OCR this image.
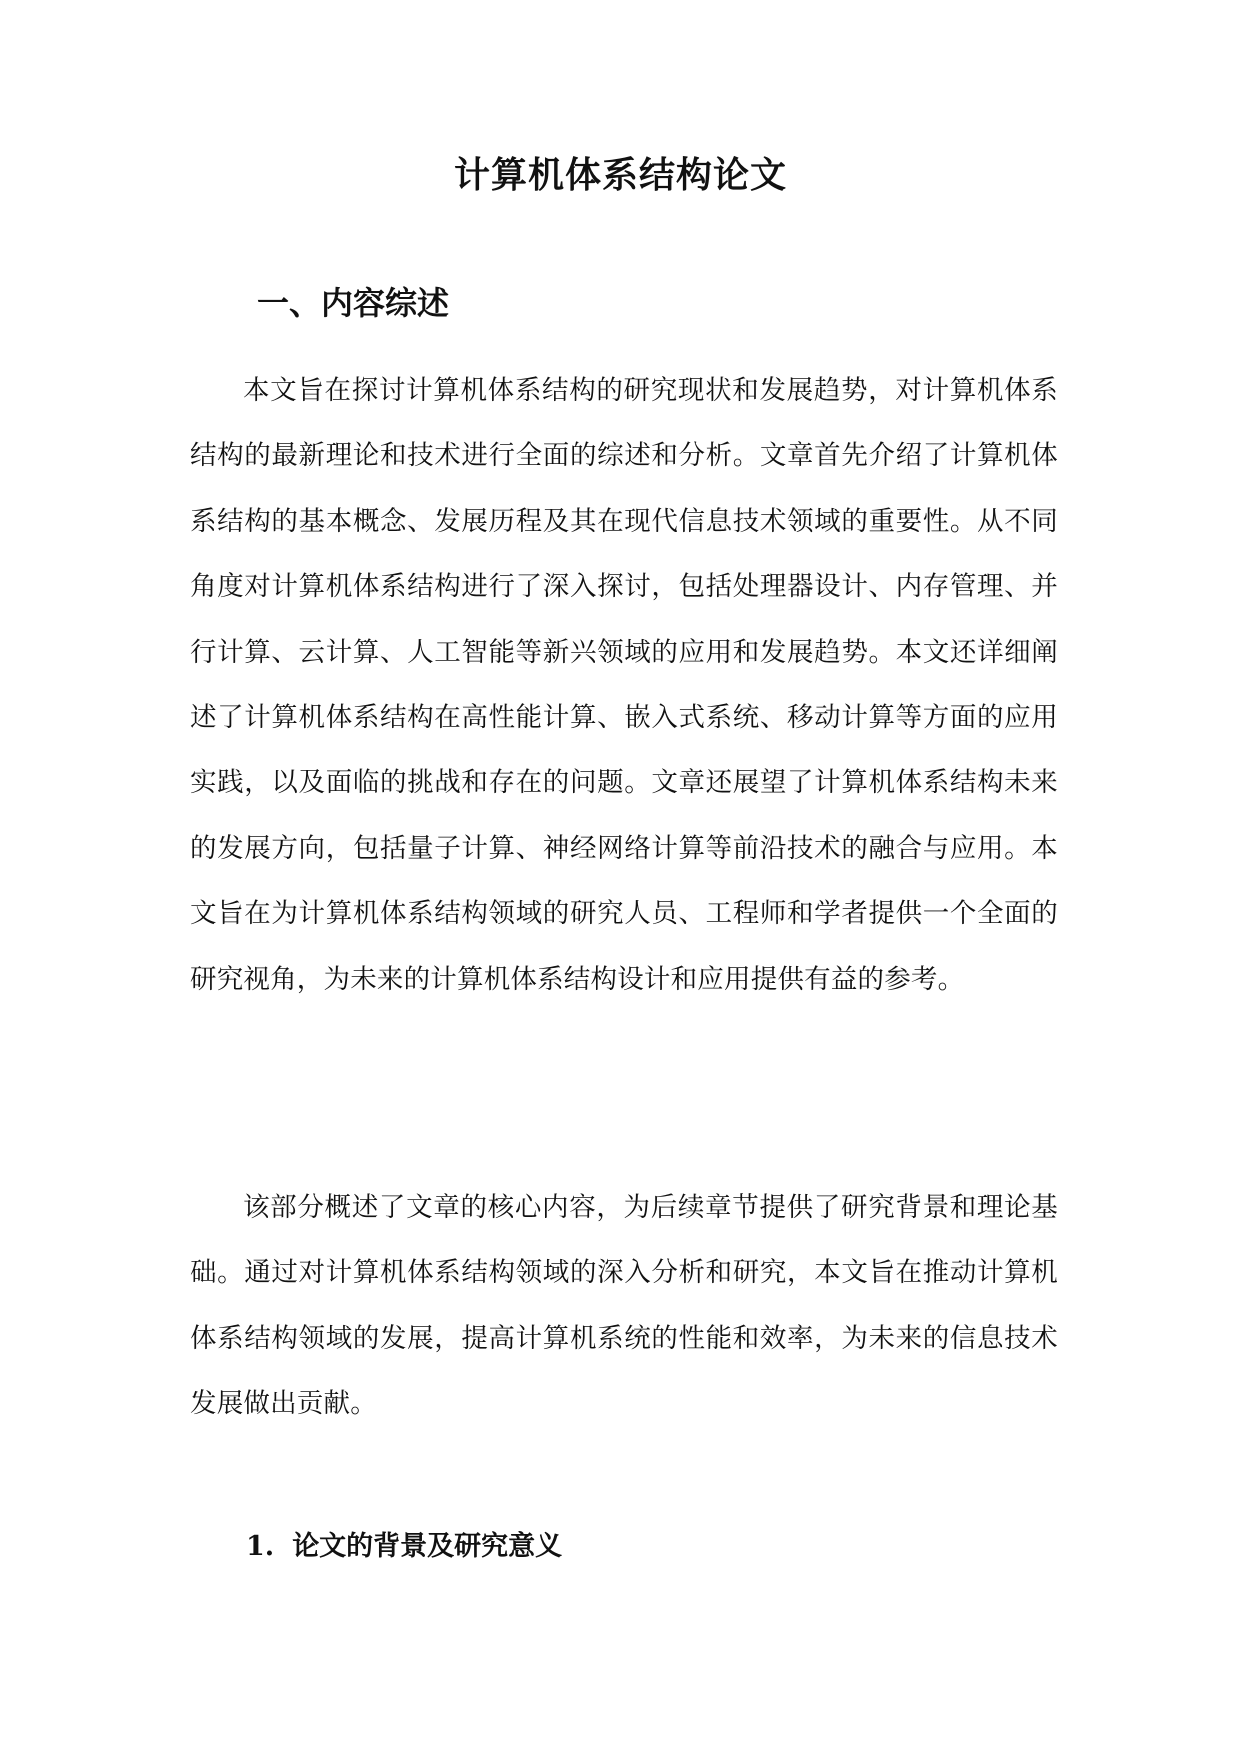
计算机体系结构论文
一、内容综述

本文旨在探讨计算机体系结构的研究现状和发展趋势，对计算机体系结构的最新理论和技术进行全面的综述和分析。文章首先介绍了计算机体系结构的基本概念、发展历程及其在现代信息技术领域的重要性。从不同角度对计算机体系结构进行了深入探讨，包括处理器设计、内存管理、并行计算、云计算、人工智能等新兴领域的应用和发展趋势。本文还详细阐述了计算机体系结构在高性能计算、嵌入式系统、移动计算等方面的应用实践，以及面临的挑战和存在的问题。文章还展望了计算机体系结构未来的发展方向，包括量子计算、神经网络计算等前沿技术的融合与应用。本文旨在为计算机体系结构领域的研究人员、工程师和学者提供一个全面的研究视角，为未来的计算机体系结构设计和应用提供有益的参考。

该部分概述了文章的核心内容，为后续章节提供了研究背景和理论基础。通过对计算机体系结构领域的深入分析和研究，本文旨在推动计算机体系结构领域的发展，提高计算机系统的性能和效率，为未来的信息技术发展做出贡献。

1. 论文的背景及研究意义
